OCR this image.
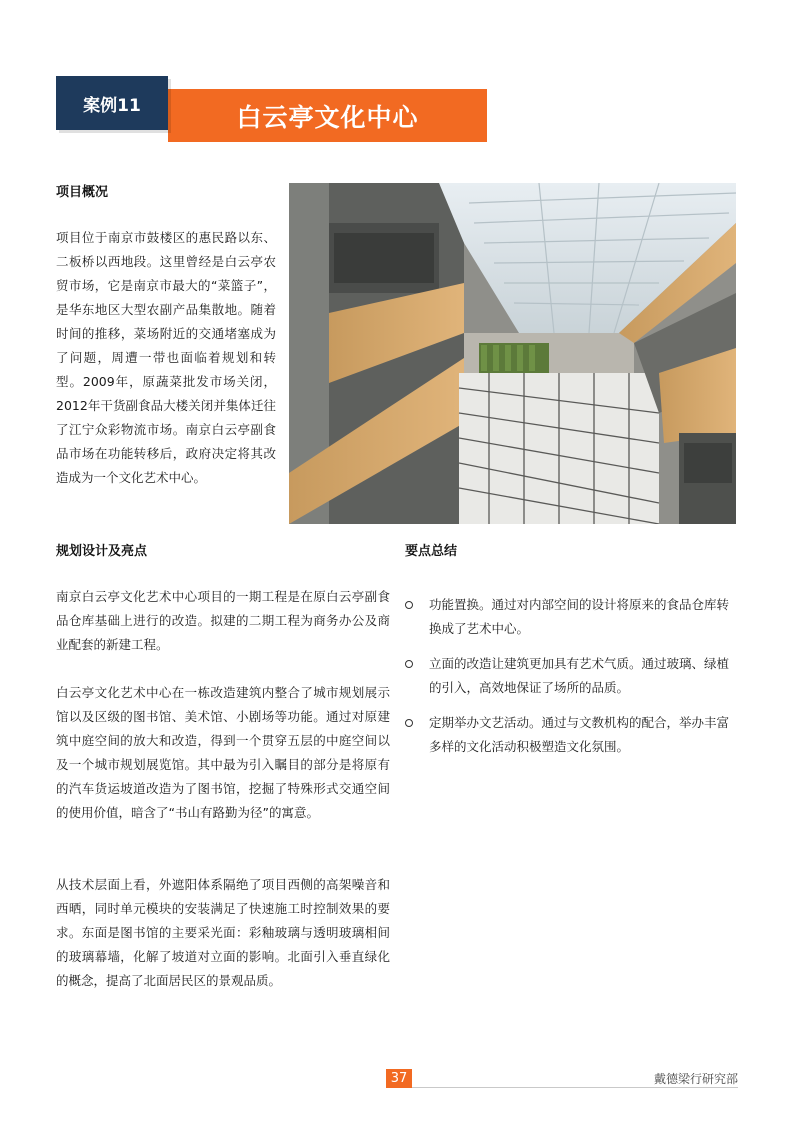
案例11	白云亭文化中心
项目概况
项目位于南京市鼓楼区的惠民路以东、二板桥以西地段。这里曾经是白云亭农贸市场，它是南京市最大的“菜篮子”，是华东地区大型农副产品集散地。随着时间的推移，菜场附近的交通堵塞成为了问题，周遭一带也面临着规划和转型。2009年，原蔬菜批发市场关闭，2012年干货副食品大楼关闭并集体迁往了江宁众彩物流市场。南京白云亭副食品市场在功能转移后，政府决定将其改造成为一个文化艺术中心。
规划设计及亮点
南京白云亭文化艺术中心项目的一期工程是在原白云亭副食品仓库基础上进行的改造。拟建的二期工程为商务办公及商业配套的新建工程。
白云亭文化艺术中心在一栋改造建筑内整合了城市规划展示馆以及区级的图书馆、美术馆、小剧场等功能。通过对原建筑中庭空间的放大和改造，得到一个贯穿五层的中庭空间以及一个城市规划展览馆。其中最为引入瞩目的部分是将原有的汽车货运坡道改造为了图书馆，挖掘了特殊形式交通空间的使用价值，暗含了“书山有路勤为径”的寓意。
从技术层面上看，外遮阳体系隔绝了项目西侧的高架噪音和西晒，同时单元模块的安装满足了快速施工时控制效果的要求。东面是图书馆的主要采光面：彩釉玻璃与透明玻璃相间的玻璃幕墙，化解了坡道对立面的影响。北面引入垂直绿化的概念，提高了北面居民区的景观品质。
要点总结
功能置换。通过对内部空间的设计将原来的食品仓库转换成了艺术中心。
立面的改造让建筑更加具有艺术气质。通过玻璃、绿植的引入，高效地保证了场所的品质。
定期举办文艺活动。通过与文教机构的配合，举办丰富多样的文化活动积极塑造文化氛围。
37	戴德梁行研究部
